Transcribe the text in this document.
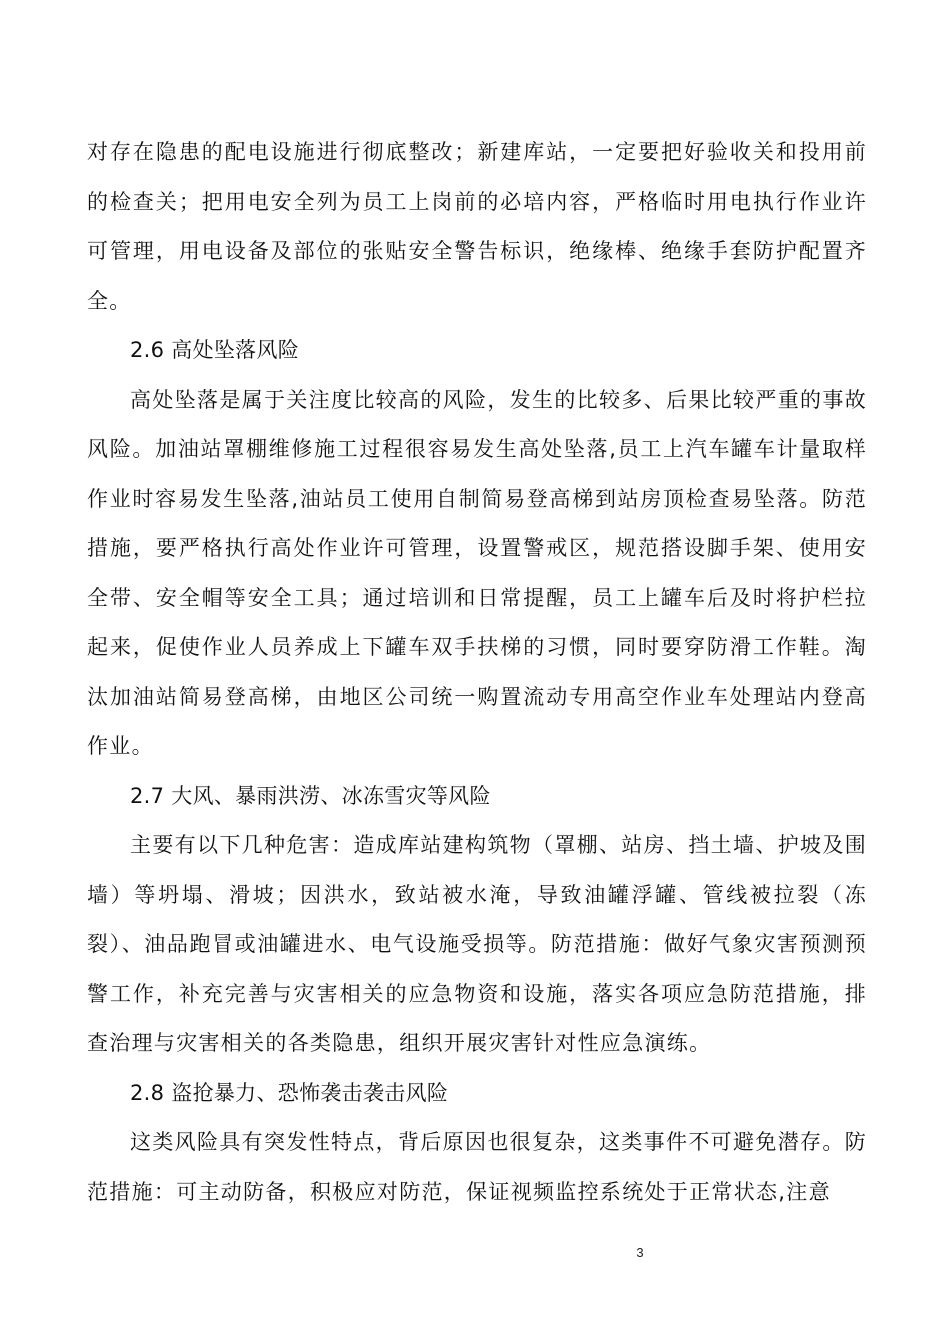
对存在隐患的配电设施进行彻底整改；新建库站，一定要把好验收关和投用前的检查关；把用电安全列为员工上岗前的必培内容，严格临时用电执行作业许可管理，用电设备及部位的张贴安全警告标识，绝缘棒、绝缘手套防护配置齐全。

2.6 高处坠落风险

高处坠落是属于关注度比较高的风险，发生的比较多、后果比较严重的事故风险。加油站罩棚维修施工过程很容易发生高处坠落,员工上汽车罐车计量取样作业时容易发生坠落,油站员工使用自制简易登高梯到站房顶检查易坠落。防范措施，要严格执行高处作业许可管理，设置警戒区，规范搭设脚手架、使用安全带、安全帽等安全工具；通过培训和日常提醒，员工上罐车后及时将护栏拉起来，促使作业人员养成上下罐车双手扶梯的习惯，同时要穿防滑工作鞋。淘汰加油站简易登高梯，由地区公司统一购置流动专用高空作业车处理站内登高作业。

2.7 大风、暴雨洪涝、冰冻雪灾等风险

主要有以下几种危害：造成库站建构筑物（罩棚、站房、挡土墙、护坡及围墙）等坍塌、滑坡；因洪水，致站被水淹，导致油罐浮罐、管线被拉裂（冻裂）、油品跑冒或油罐进水、电气设施受损等。防范措施：做好气象灾害预测预警工作，补充完善与灾害相关的应急物资和设施，落实各项应急防范措施，排查治理与灾害相关的各类隐患，组织开展灾害针对性应急演练。

2.8 盗抢暴力、恐怖袭击袭击风险

这类风险具有突发性特点，背后原因也很复杂，这类事件不可避免潜存。防范措施：可主动防备，积极应对防范，保证视频监控系统处于正常状态,注意

3
